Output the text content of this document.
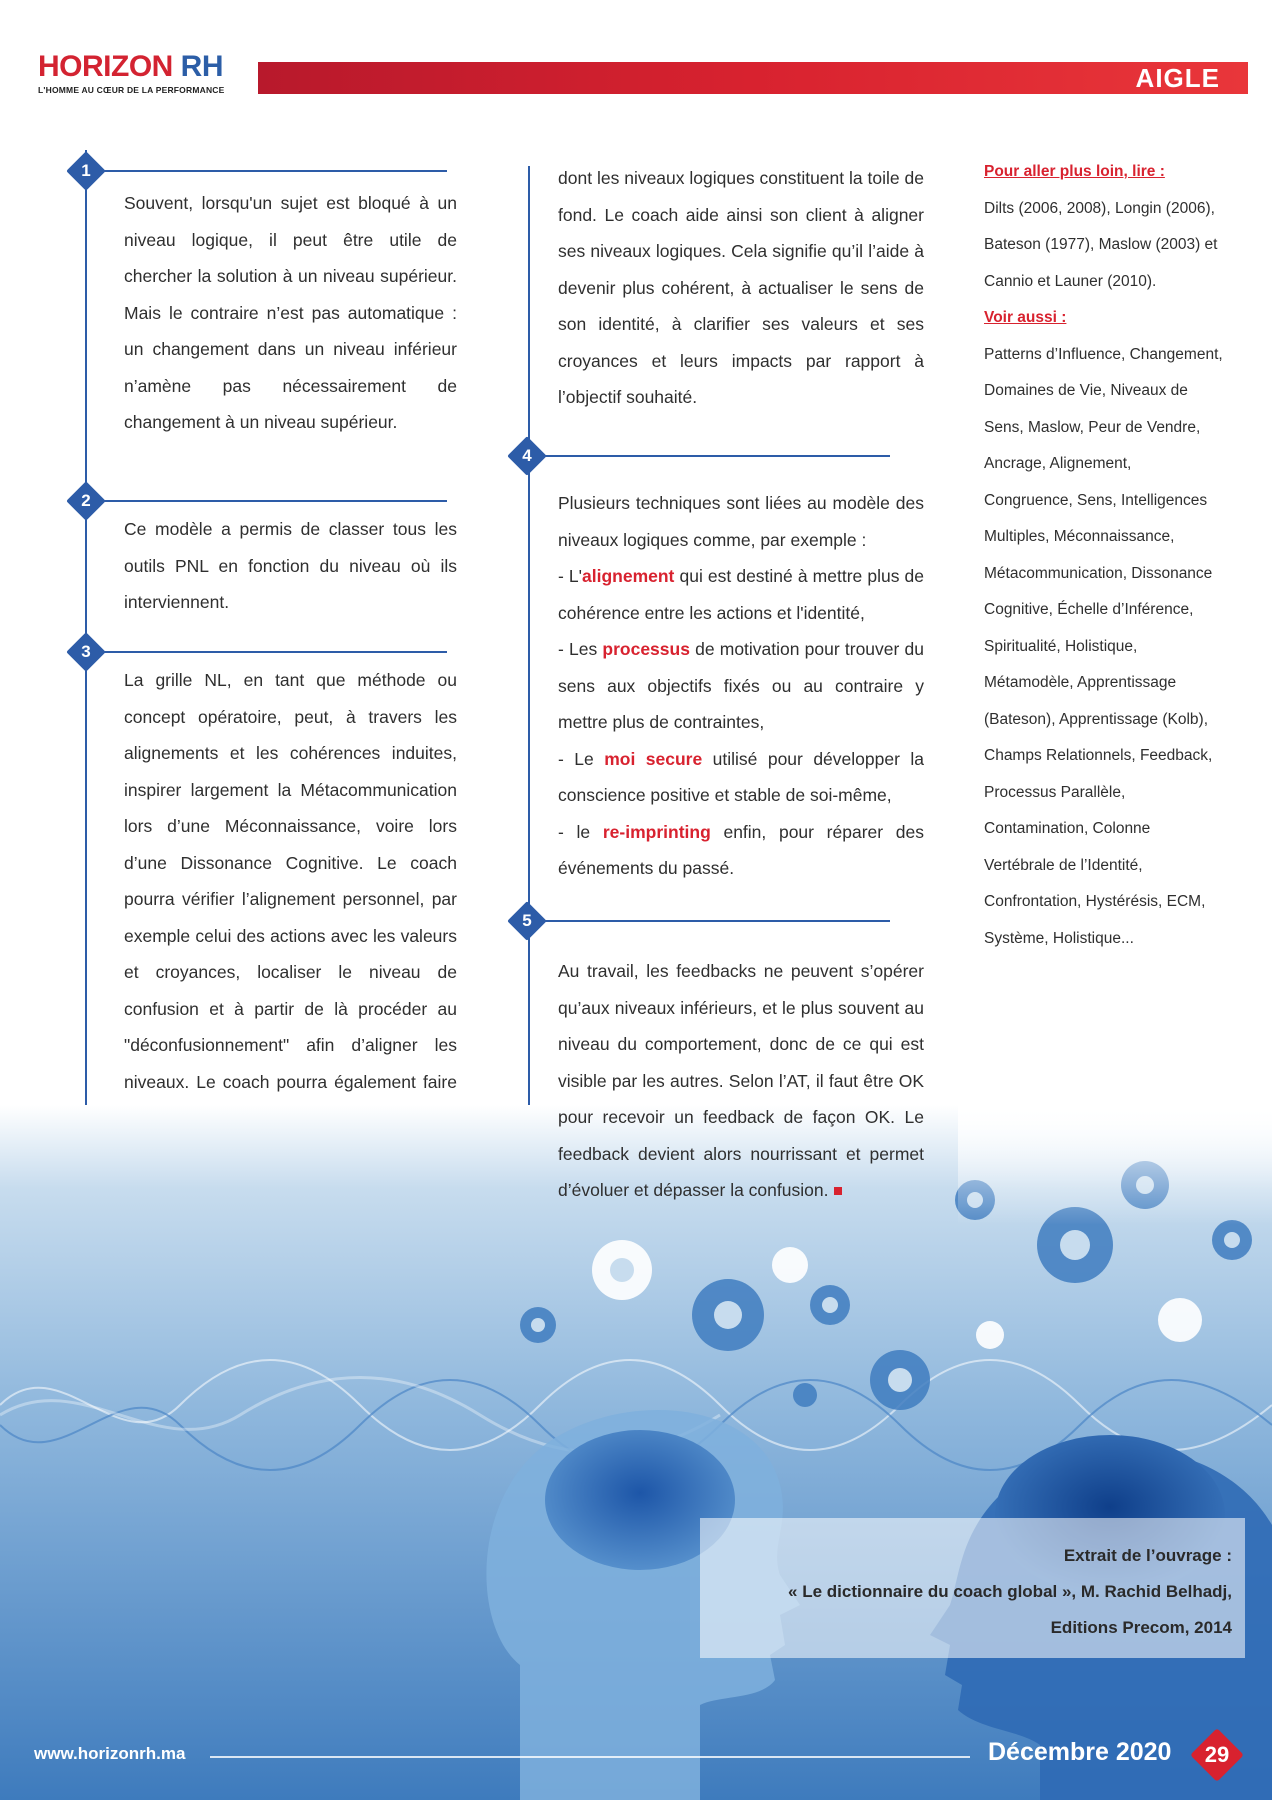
HORIZON RH
L'HOMME AU CŒUR DE LA PERFORMANCE	AIGLE
1
Souvent, lorsqu'un sujet est bloqué à un niveau logique, il peut être utile de chercher la solution à un niveau supérieur. Mais le contraire n’est pas automatique : un changement dans un niveau inférieur n’amène pas nécessairement de changement à un niveau supérieur.
2
Ce modèle a permis de classer tous les outils PNL en fonction du niveau où ils interviennent.
3
La grille NL, en tant que méthode ou concept opératoire, peut, à travers les alignements et les cohérences induites, inspirer largement la Métacommunication lors d’une Méconnaissance, voire lors d’une Dissonance Cognitive. Le coach pourra vérifier l’alignement personnel, par exemple celui des actions avec les valeurs et croyances, localiser le niveau de confusion et à partir de là procéder au "déconfusionnement" afin d’aligner les niveaux. Le coach pourra également faire
dont les niveaux logiques constituent la toile de fond. Le coach aide ainsi son client à aligner ses niveaux logiques. Cela signifie qu’il l’aide à devenir plus cohérent, à actualiser le sens de son identité, à clarifier ses valeurs et ses croyances et leurs impacts par rapport à l’objectif souhaité.
4
Plusieurs techniques sont liées au modèle des niveaux logiques comme, par exemple :
- L'alignement qui est destiné à mettre plus de cohérence entre les actions et l'identité,
- Les processus de motivation pour trouver du sens aux objectifs fixés ou au contraire y mettre plus de contraintes,
- Le moi secure utilisé pour développer la conscience positive et stable de soi-même,
- le re-imprinting enfin, pour réparer des événements du passé.
5
Au travail, les feedbacks ne peuvent s’opérer qu’aux niveaux inférieurs, et le plus souvent au niveau du comportement, donc de ce qui est visible par les autres. Selon l’AT, il faut être OK pour recevoir un feedback de façon OK. Le feedback devient alors nourrissant et permet d’évoluer et dépasser la confusion.
Pour aller plus loin, lire :
Dilts (2006, 2008), Longin (2006), Bateson (1977), Maslow (2003) et Cannio et Launer (2010).
Voir aussi :
Patterns d’Influence, Changement, Domaines de Vie, Niveaux de Sens, Maslow, Peur de Vendre, Ancrage, Alignement, Congruence, Sens, Intelligences Multiples, Méconnaissance, Métacommunication, Dissonance Cognitive, Échelle d’Inférence, Spiritualité, Holistique, Métamodèle, Apprentissage (Bateson), Apprentissage (Kolb), Champs Relationnels, Feedback, Processus Parallèle, Contamination, Colonne Vertébrale de l’Identité, Confrontation, Hystérésis, ECM, Système, Holistique...
Extrait de l’ouvrage :
« Le dictionnaire du coach global », M. Rachid Belhadj,
Editions Precom, 2014
www.horizonrh.ma	Décembre 2020	29
